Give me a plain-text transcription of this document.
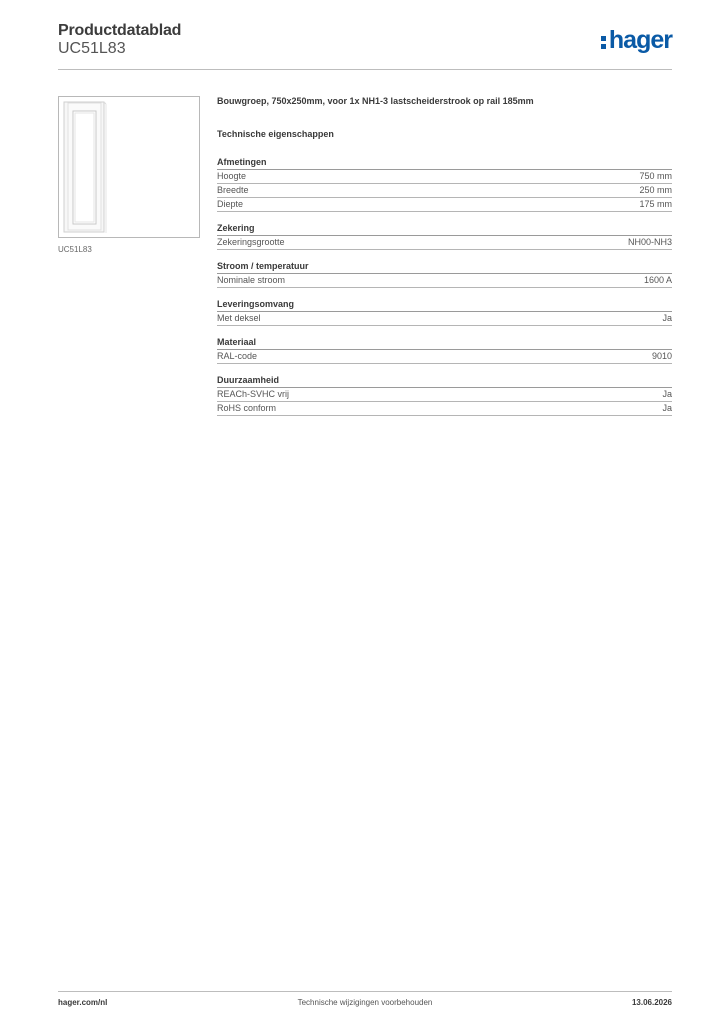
Productdatablad
UC51L83	hager
UC51L83
Bouwgroep, 750x250mm, voor 1x NH1-3 lastscheiderstrook op rail 185mm
Technische eigenschappen
Afmetingen
Hoogte	750 mm
Breedte	250 mm
Diepte	175 mm
Zekering
Zekeringsgrootte	NH00-NH3
Stroom / temperatuur
Nominale stroom	1600 A
Leveringsomvang
Met deksel	Ja
Materiaal
RAL-code	9010
Duurzaamheid
REACh-SVHC vrij	Ja
RoHS conform	Ja
hager.com/nl	Technische wijzigingen voorbehouden	13.06.2026
